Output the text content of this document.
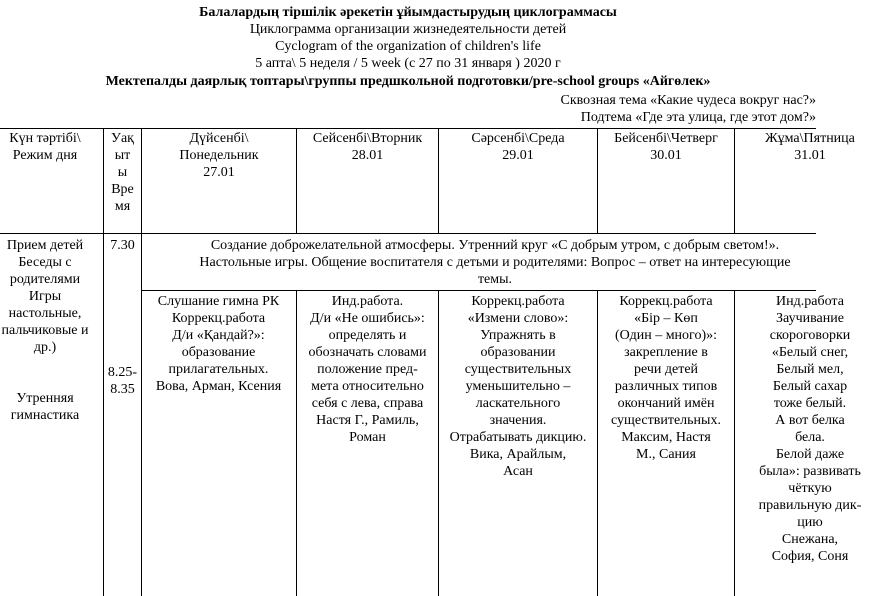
Балалардың тіршілік әрекетін ұйымдастырудың циклограммасы
Циклограмма организации жизнедеятельности детей
Cyclogram of the organization of children's life
5 апта\ 5 неделя / 5 week (с 27 по 31 января ) 2020 г
Мектепалды даярлық топтары\группы предшкольной подготовки/pre-school groups «Айгөлек»
Сквозная тема «Какие чудеса вокруг нас?»
Подтема «Где эта улица, где этот дом?»
Күн тәртібі\
Режим дня
Уақ
ыт
ы
Вре
мя
Дүйсенбі\
Понедельник
27.01
Сейсенбі\Вторник
28.01
Сәрсенбі\Среда
29.01
Бейсенбі\Четверг
30.01
Жұма\Пятница
31.01
Прием детей
Беседы с
родителями
Игры
настольные,
пальчиковые и
др.)

Утренняя
гимнастика
7.30
8.25-
8.35
Создание доброжелательной атмосферы. Утренний круг «С добрым утром, с добрым светом!».
Настольные игры. Общение воспитателя с детьми и родителями: Вопрос – ответ на интересующие
темы.
Слушание гимна РК
Коррекц.работа
Д/и «Қандай?»:
образование
прилагательных.
Вова, Арман, Ксения
Инд.работа.
Д/и «Не ошибись»:
определять и
обозначать словами
положение пред-
мета относительно
себя с лева, справа
Настя Г., Рамиль,
Роман
Коррекц.работа
«Измени слово»:
Упражнять в
образовании
существительных
уменьшительно –
ласкательного
значения.
Отрабатывать дикцию.
Вика, Арайлым,
Асан
Коррекц.работа
«Бір – Көп
(Один – много)»:
закрепление в
речи детей
различных типов
окончаний имён
существительных.
Максим, Настя
М., Сания
Инд.работа
Заучивание
скороговорки
«Белый снег,
Белый мел,
Белый сахар
тоже белый.
А вот белка
бела.
Белой даже
была»: развивать
чёткую
правильную дик-
цию
Снежана,
София, Соня
